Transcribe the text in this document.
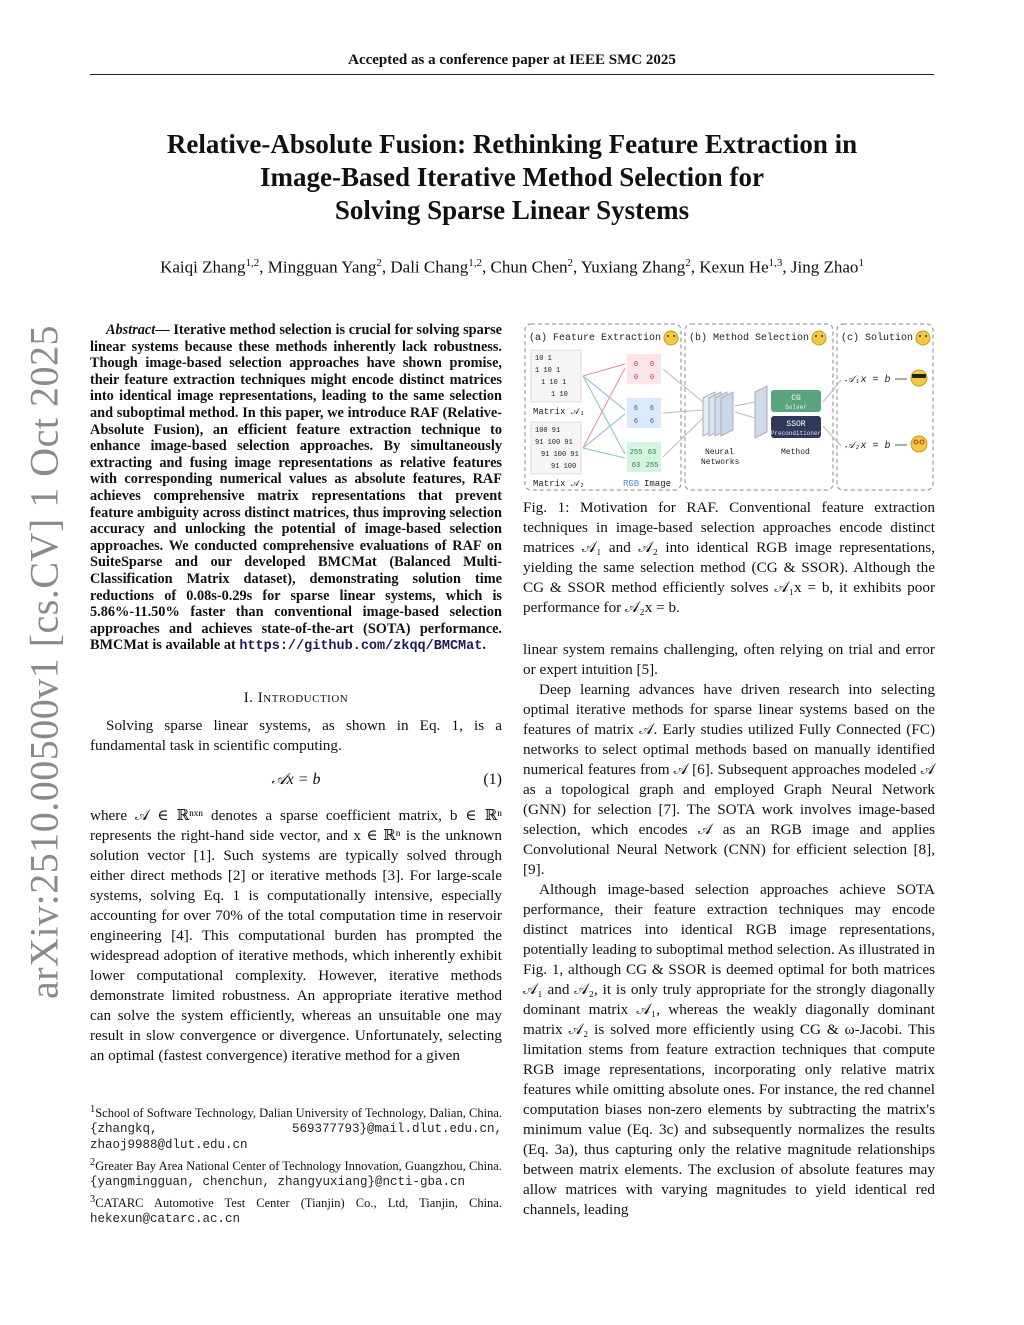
Accepted as a conference paper at IEEE SMC 2025
Relative-Absolute Fusion: Rethinking Feature Extraction in
Image-Based Iterative Method Selection for
Solving Sparse Linear Systems
Kaiqi Zhang$^{1,2}$, Mingguan Yang$^2$, Dali Chang$^{1,2}$, Chun Chen$^2$, Yuxiang Zhang$^2$, Kexun He$^{1,3}$, Jing Zhao$^1$
arXiv:2510.00500v1 [cs.CV] 1 Oct 2025	Abstract— Iterative method selection is crucial for solving sparse linear systems because these methods inherently lack robustness. Though image-based selection approaches have shown promise, their feature extraction techniques might encode distinct matrices into identical image representations, leading to the same selection and suboptimal method. In this paper, we introduce RAF (Relative-Absolute Fusion), an efficient feature extraction technique to enhance image-based selection approaches. By simultaneously extracting and fusing image representations as relative features with corresponding numerical values as absolute features, RAF achieves comprehensive matrix representations that prevent feature ambiguity across distinct matrices, thus improving selection accuracy and unlocking the potential of image-based selection approaches. We conducted comprehensive evaluations of RAF on SuiteSparse and our developed BMCMat (Balanced Multi-Classification Matrix dataset), demonstrating solution time reductions of 0.08s-0.29s for sparse linear systems, which is 5.86%-11.50% faster than conventional image-based selection approaches and achieves state-of-the-art (SOTA) performance. BMCMat is available at https://github.com/zkqq/BMCMat.
I. Introduction

Solving sparse linear systems, as shown in Eq. 1, is a fundamental task in scientific computing.

𝒜x = b	(1)

where 𝒜 ∈ ℝⁿˣⁿ denotes a sparse coefficient matrix, b ∈ ℝⁿ represents the right-hand side vector, and x ∈ ℝⁿ is the unknown solution vector [1]. Such systems are typically solved through either direct methods [2] or iterative methods [3]. For large-scale systems, solving Eq. 1 is computationally intensive, especially accounting for over 70% of the total computation time in reservoir engineering [4]. This computational burden has prompted the widespread adoption of iterative methods, which inherently exhibit lower computational complexity. However, iterative methods demonstrate limited robustness. An appropriate iterative method can solve the system efficiently, whereas an unsuitable one may result in slow convergence or divergence. Unfortunately, selecting an optimal (fastest convergence) iterative method for a given

$^1$School of Software Technology, Dalian University of Technology, Dalian, China. {zhangkq, 569377793}@mail.dlut.edu.cn, zhaoj9988@dlut.edu.cn
$^2$Greater Bay Area National Center of Technology Innovation, Guangzhou, China. {yangmingguan, chenchun, zhangyuxiang}@ncti-gba.cn
$^3$CATARC Automotive Test Center (Tianjin) Co., Ltd, Tianjin, China. hekexun@catarc.ac.cn
(a) Feature Extraction	(b) Method Selection	(c) Solution
10 1
1 10 1
1 10 1
1 10
Matrix 𝒜₁
100 91
91 100 91
91 100 91
91 100
Matrix 𝒜₂
0 0
0 0
6 6
6 6
255 63
63 255
RGB Image
Neural
Networks
CG
Solver
SSOR
Preconditioner
Method
𝒜₁x = b
𝒜₂x = b
Fig. 1: Motivation for RAF. Conventional feature extraction techniques in image-based selection approaches encode distinct matrices 𝒜₁ and 𝒜₂ into identical RGB image representations, yielding the same selection method (CG & SSOR). Although the CG & SSOR method efficiently solves 𝒜₁x = b, it exhibits poor performance for 𝒜₂x = b.

linear system remains challenging, often relying on trial and error or expert intuition [5].

Deep learning advances have driven research into selecting optimal iterative methods for sparse linear systems based on the features of matrix 𝒜. Early studies utilized Fully Connected (FC) networks to select optimal methods based on manually identified numerical features from 𝒜 [6]. Subsequent approaches modeled 𝒜 as a topological graph and employed Graph Neural Network (GNN) for selection [7]. The SOTA work involves image-based selection, which encodes 𝒜 as an RGB image and applies Convolutional Neural Network (CNN) for efficient selection [8], [9].

Although image-based selection approaches achieve SOTA performance, their feature extraction techniques may encode distinct matrices into identical RGB image representations, potentially leading to suboptimal method selection. As illustrated in Fig. 1, although CG & SSOR is deemed optimal for both matrices 𝒜₁ and 𝒜₂, it is only truly appropriate for the strongly diagonally dominant matrix 𝒜₁, whereas the weakly diagonally dominant matrix 𝒜₂ is solved more efficiently using CG & ω-Jacobi. This limitation stems from feature extraction techniques that compute RGB image representations, incorporating only relative matrix features while omitting absolute ones. For instance, the red channel computation biases non-zero elements by subtracting the matrix's minimum value (Eq. 3c) and subsequently normalizes the results (Eq. 3a), thus capturing only the relative magnitude relationships between matrix elements. The exclusion of absolute features may allow matrices with varying magnitudes to yield identical red channels, leading
